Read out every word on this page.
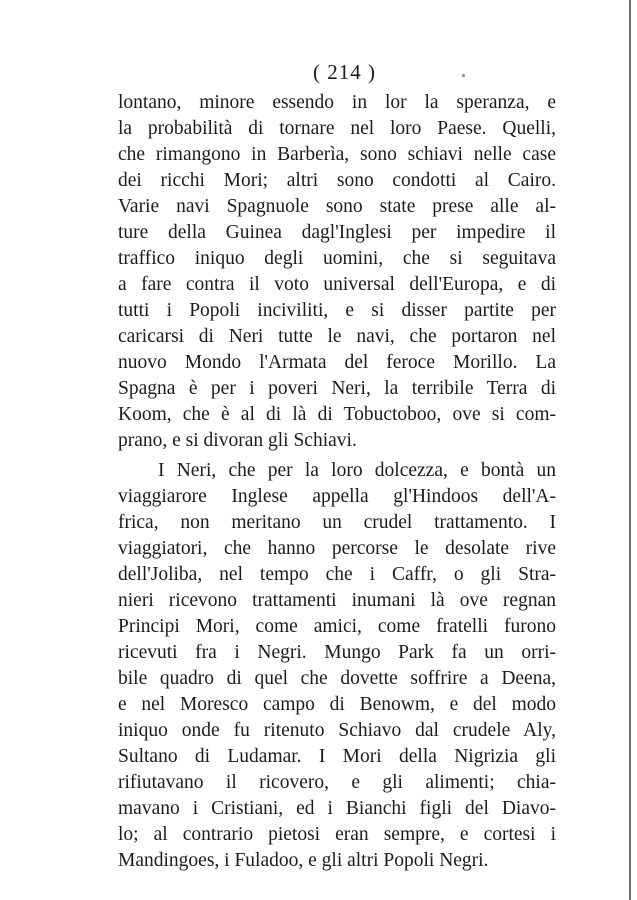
( 214 )
lontano, minore essendo in lor la speranza, e
la probabilità di tornare nel loro Paese. Quelli,
che rimangono in Barberìa, sono schiavi nelle case
dei ricchi Mori; altri sono condotti al Cairo.
Varie navi Spagnuole sono state prese alle al-
ture della Guinea dagl'Inglesi per impedire il
traffico iniquo degli uomini, che si seguitava
a fare contra il voto universal dell'Europa, e di
tutti i Popoli inciviliti, e si disser partite per
caricarsi di Neri tutte le navi, che portaron nel
nuovo Mondo l'Armata del feroce Morillo. La
Spagna è per i poveri Neri, la terribile Terra di
Koom, che è al di là di Tobuctoboo, ove si com-
prano, e si divoran gli Schiavi.
I Neri, che per la loro dolcezza, e bontà un
viaggiarore Inglese appella gl'Hindoos dell'A-
frica, non meritano un crudel trattamento. I
viaggiatori, che hanno percorse le desolate rive
dell'Joliba, nel tempo che i Caffr, o gli Stra-
nieri ricevono trattamenti inumani là ove regnan
Principi Mori, come amici, come fratelli furono
ricevuti fra i Negri. Mungo Park fa un orri-
bile quadro di quel che dovette soffrire a Deena,
e nel Moresco campo di Benowm, e del modo
iniquo onde fu ritenuto Schiavo dal crudele Aly,
Sultano di Ludamar. I Mori della Nigrizia gli
rifiutavano il ricovero, e gli alimenti; chia-
mavano i Cristiani, ed i Bianchi figli del Diavo-
lo; al contrario pietosi eran sempre, e cortesi i
Mandingoes, i Fuladoo, e gli altri Popoli Negri.
